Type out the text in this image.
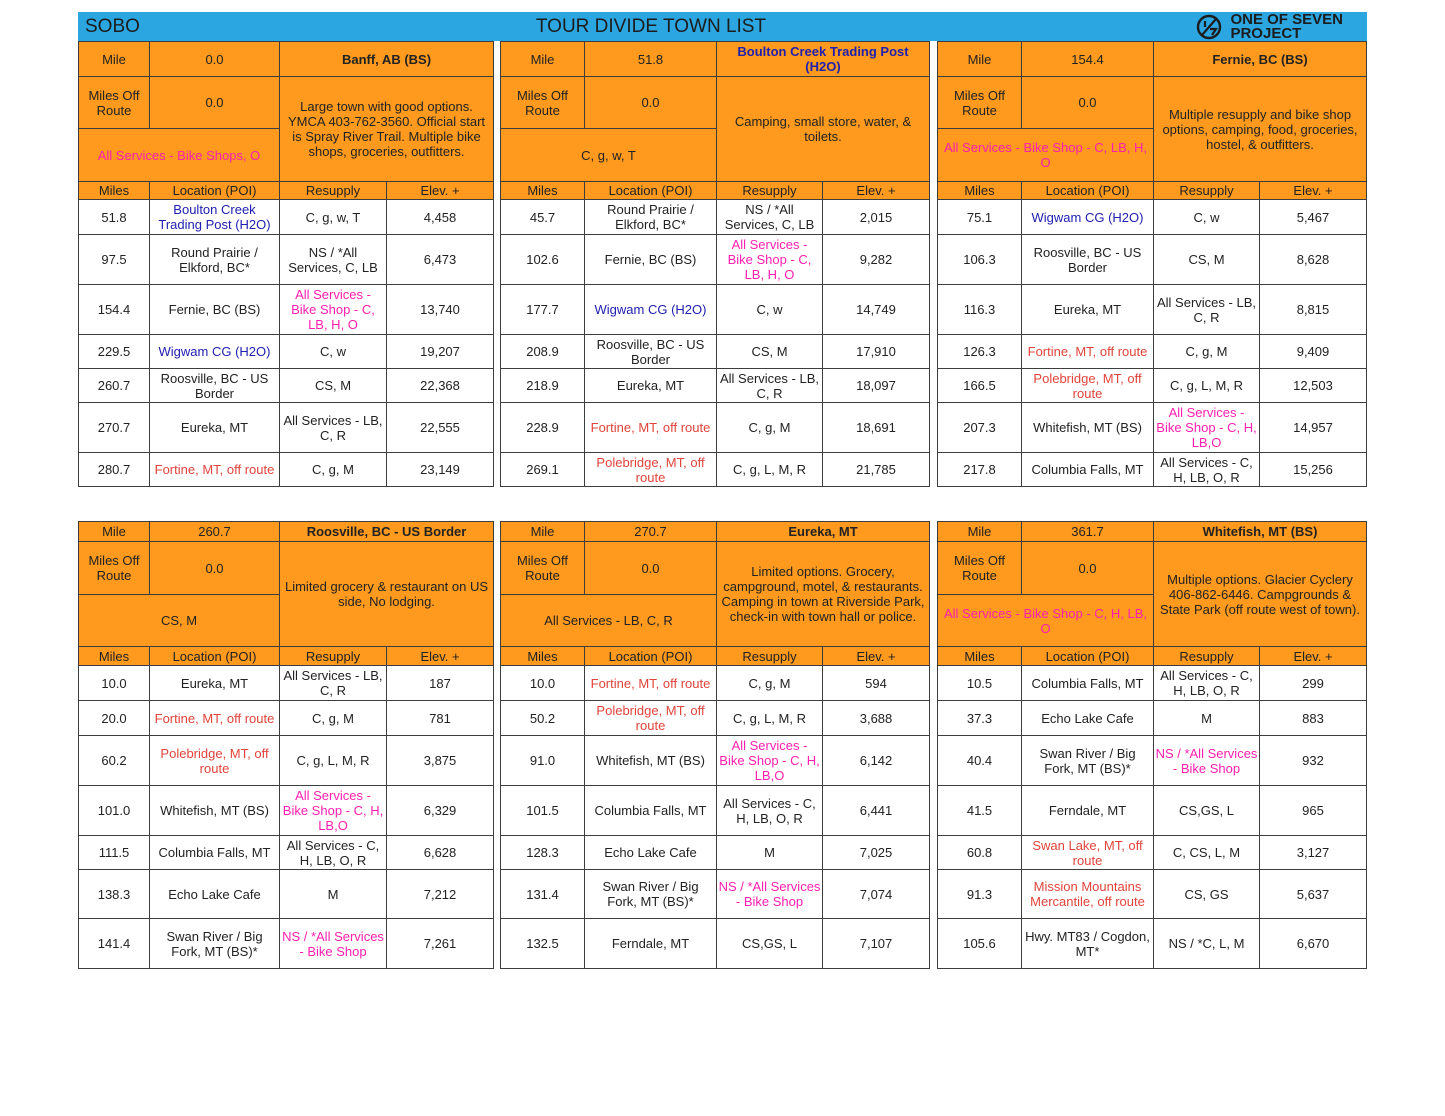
SOBO	TOUR DIVIDE TOWN LIST	ONE OF SEVEN
PROJECT
Mile	0.0	Banff, AB (BS)	
Miles Off Route	0.0	Large town with good options. YMCA 403-762-3560. Official start is Spray River Trail. Multiple bike shops, groceries, outfitters.	
All Services - Bike Shops, O			
Miles	Location (POI)	Resupply	Elev. +
51.8	Boulton Creek Trading Post (H2O)	C, g, w, T	4,458
97.5	Round Prairie / Elkford, BC*	NS / *All Services, C, LB	6,473
154.4	Fernie, BC (BS)	All Services - Bike Shop - C, LB, H, O	13,740
229.5	Wigwam CG (H2O)	C, w	19,207
260.7	Roosville, BC - US Border	CS, M	22,368
270.7	Eureka, MT	All Services - LB, C, R	22,555
280.7	Fortine, MT, off route	C, g, M	23,149
Mile	51.8	Boulton Creek Trading Post (H2O)	
Miles Off Route	0.0	Camping, small store, water, & toilets.	
C, g, w, T			
Miles	Location (POI)	Resupply	Elev. +
45.7	Round Prairie / Elkford, BC*	NS / *All Services, C, LB	2,015
102.6	Fernie, BC (BS)	All Services - Bike Shop - C, LB, H, O	9,282
177.7	Wigwam CG (H2O)	C, w	14,749
208.9	Roosville, BC - US Border	CS, M	17,910
218.9	Eureka, MT	All Services - LB, C, R	18,097
228.9	Fortine, MT, off route	C, g, M	18,691
269.1	Polebridge, MT, off route	C, g, L, M, R	21,785
Mile	154.4	Fernie, BC (BS)	
Miles Off Route	0.0	Multiple resupply and bike shop options, camping, food, groceries, hostel, & outfitters.	
All Services - Bike Shop - C, LB, H, O			
Miles	Location (POI)	Resupply	Elev. +
75.1	Wigwam CG (H2O)	C, w	5,467
106.3	Roosville, BC - US Border	CS, M	8,628
116.3	Eureka, MT	All Services - LB, C, R	8,815
126.3	Fortine, MT, off route	C, g, M	9,409
166.5	Polebridge, MT, off route	C, g, L, M, R	12,503
207.3	Whitefish, MT (BS)	All Services - Bike Shop - C, H, LB,O	14,957
217.8	Columbia Falls, MT	All Services - C, H, LB, O, R	15,256
Mile	260.7	Roosville, BC - US Border	
Miles Off Route	0.0	Limited grocery & restaurant on US side, No lodging.	
CS, M			
Miles	Location (POI)	Resupply	Elev. +
10.0	Eureka, MT	All Services - LB, C, R	187
20.0	Fortine, MT, off route	C, g, M	781
60.2	Polebridge, MT, off route	C, g, L, M, R	3,875
101.0	Whitefish, MT (BS)	All Services - Bike Shop - C, H, LB,O	6,329
111.5	Columbia Falls, MT	All Services - C, H, LB, O, R	6,628
138.3	Echo Lake Cafe	M	7,212
141.4	Swan River / Big Fork, MT (BS)*	NS / *All Services - Bike Shop	7,261
Mile	270.7	Eureka, MT	
Miles Off Route	0.0	Limited options. Grocery, campground, motel, & restaurants. Camping in town at Riverside Park, check-in with town hall or police.	
All Services - LB, C, R			
Miles	Location (POI)	Resupply	Elev. +
10.0	Fortine, MT, off route	C, g, M	594
50.2	Polebridge, MT, off route	C, g, L, M, R	3,688
91.0	Whitefish, MT (BS)	All Services - Bike Shop - C, H, LB,O	6,142
101.5	Columbia Falls, MT	All Services - C, H, LB, O, R	6,441
128.3	Echo Lake Cafe	M	7,025
131.4	Swan River / Big Fork, MT (BS)*	NS / *All Services - Bike Shop	7,074
132.5	Ferndale, MT	CS,GS, L	7,107
Mile	361.7	Whitefish, MT (BS)	
Miles Off Route	0.0	Multiple options. Glacier Cyclery 406-862-6446. Campgrounds & State Park (off route west of town).	
All Services - Bike Shop - C, H, LB, O			
Miles	Location (POI)	Resupply	Elev. +
10.5	Columbia Falls, MT	All Services - C, H, LB, O, R	299
37.3	Echo Lake Cafe	M	883
40.4	Swan River / Big Fork, MT (BS)*	NS / *All Services - Bike Shop	932
41.5	Ferndale, MT	CS,GS, L	965
60.8	Swan Lake, MT, off route	C, CS, L, M	3,127
91.3	Mission Mountains Mercantile, off route	CS, GS	5,637
105.6	Hwy. MT83 / Cogdon, MT*	NS / *C, L, M	6,670
